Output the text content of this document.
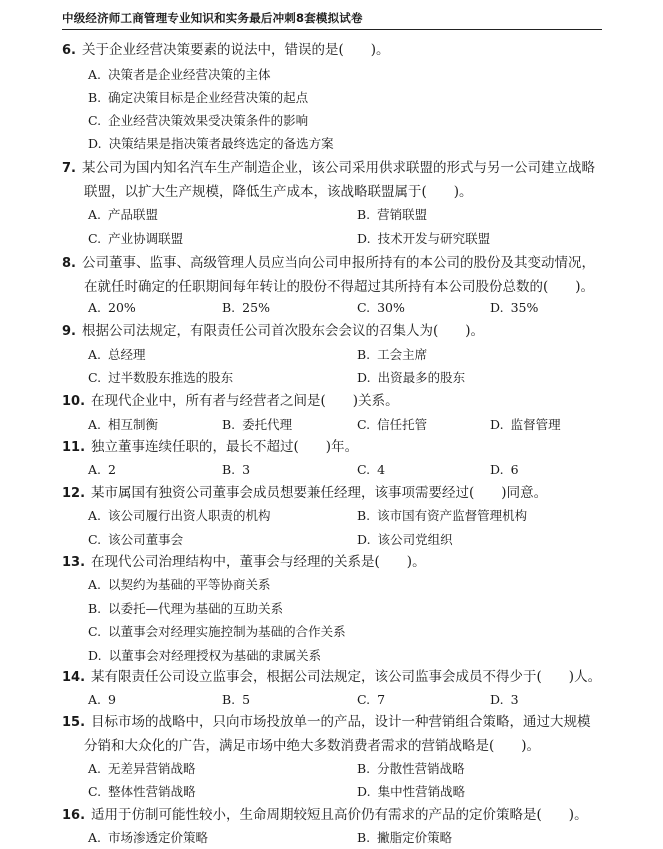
中级经济师工商管理专业知识和实务最后冲刺8套模拟试卷
6. 关于企业经营决策要素的说法中，错误的是(　　)。
A. 决策者是企业经营决策的主体
B. 确定决策目标是企业经营决策的起点
C. 企业经营决策效果受决策条件的影响
D. 决策结果是指决策者最终选定的备选方案
7. 某公司为国内知名汽车生产制造企业，该公司采用供求联盟的形式与另一公司建立战略
联盟，以扩大生产规模，降低生产成本，该战略联盟属于(　　)。
A. 产品联盟	B. 营销联盟
C. 产业协调联盟	D. 技术开发与研究联盟
8. 公司董事、监事、高级管理人员应当向公司申报所持有的本公司的股份及其变动情况，
在就任时确定的任职期间每年转让的股份不得超过其所持有本公司股份总数的(　　)。
A. 20%	B. 25%	C. 30%	D. 35%
9. 根据公司法规定，有限责任公司首次股东会会议的召集人为(　　)。
A. 总经理	B. 工会主席
C. 过半数股东推选的股东	D. 出资最多的股东
10. 在现代企业中，所有者与经营者之间是(　　)关系。
A. 相互制衡	B. 委托代理	C. 信任托管	D. 监督管理
11. 独立董事连续任职的，最长不超过(　　)年。
A. 2	B. 3	C. 4	D. 6
12. 某市属国有独资公司董事会成员想要兼任经理，该事项需要经过(　　)同意。
A. 该公司履行出资人职责的机构	B. 该市国有资产监督管理机构
C. 该公司董事会	D. 该公司党组织
13. 在现代公司治理结构中，董事会与经理的关系是(　　)。
A. 以契约为基础的平等协商关系
B. 以委托—代理为基础的互助关系
C. 以董事会对经理实施控制为基础的合作关系
D. 以董事会对经理授权为基础的隶属关系
14. 某有限责任公司设立监事会，根据公司法规定，该公司监事会成员不得少于(　　)人。
A. 9	B. 5	C. 7	D. 3
15. 目标市场的战略中，只向市场投放单一的产品，设计一种营销组合策略，通过大规模
分销和大众化的广告，满足市场中绝大多数消费者需求的营销战略是(　　)。
A. 无差异营销战略	B. 分散性营销战略
C. 整体性营销战略	D. 集中性营销战略
16. 适用于仿制可能性较小，生命周期较短且高价仍有需求的产品的定价策略是(　　)。
A. 市场渗透定价策略	B. 撇脂定价策略
